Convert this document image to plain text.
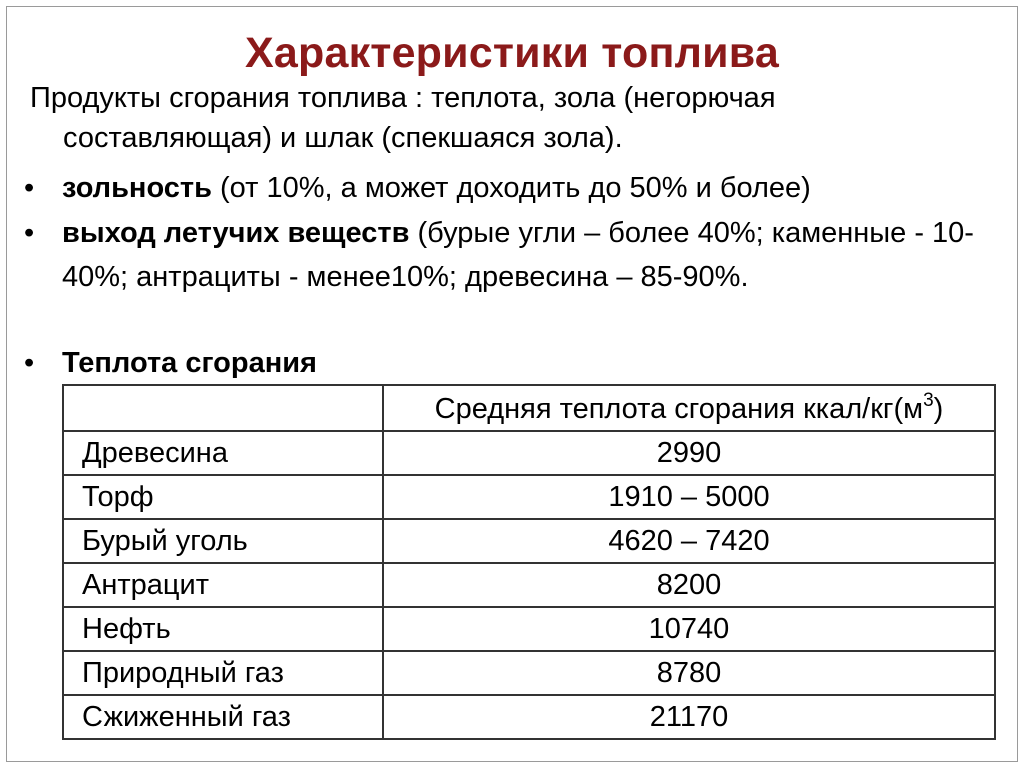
Характеристики топлива
Продукты сгорания топлива : теплота, зола (негорючая
составляющая) и шлак (спекшаяся зола).
• зольность (от 10%, а может доходить до 50% и более)
• выход летучих веществ (бурые угли – более 40%; каменные - 10-40%; антрациты - менее10%; древесина – 85-90%.
• Теплота сгорания
	Средняя теплота сгорания ккал/$кг(м^3)$
Древесина	2990
Торф	1910 – 5000
Бурый уголь	4620 – 7420
Антрацит	8200
Нефть	10740
Природный газ	8780
Сжиженный газ	21170
